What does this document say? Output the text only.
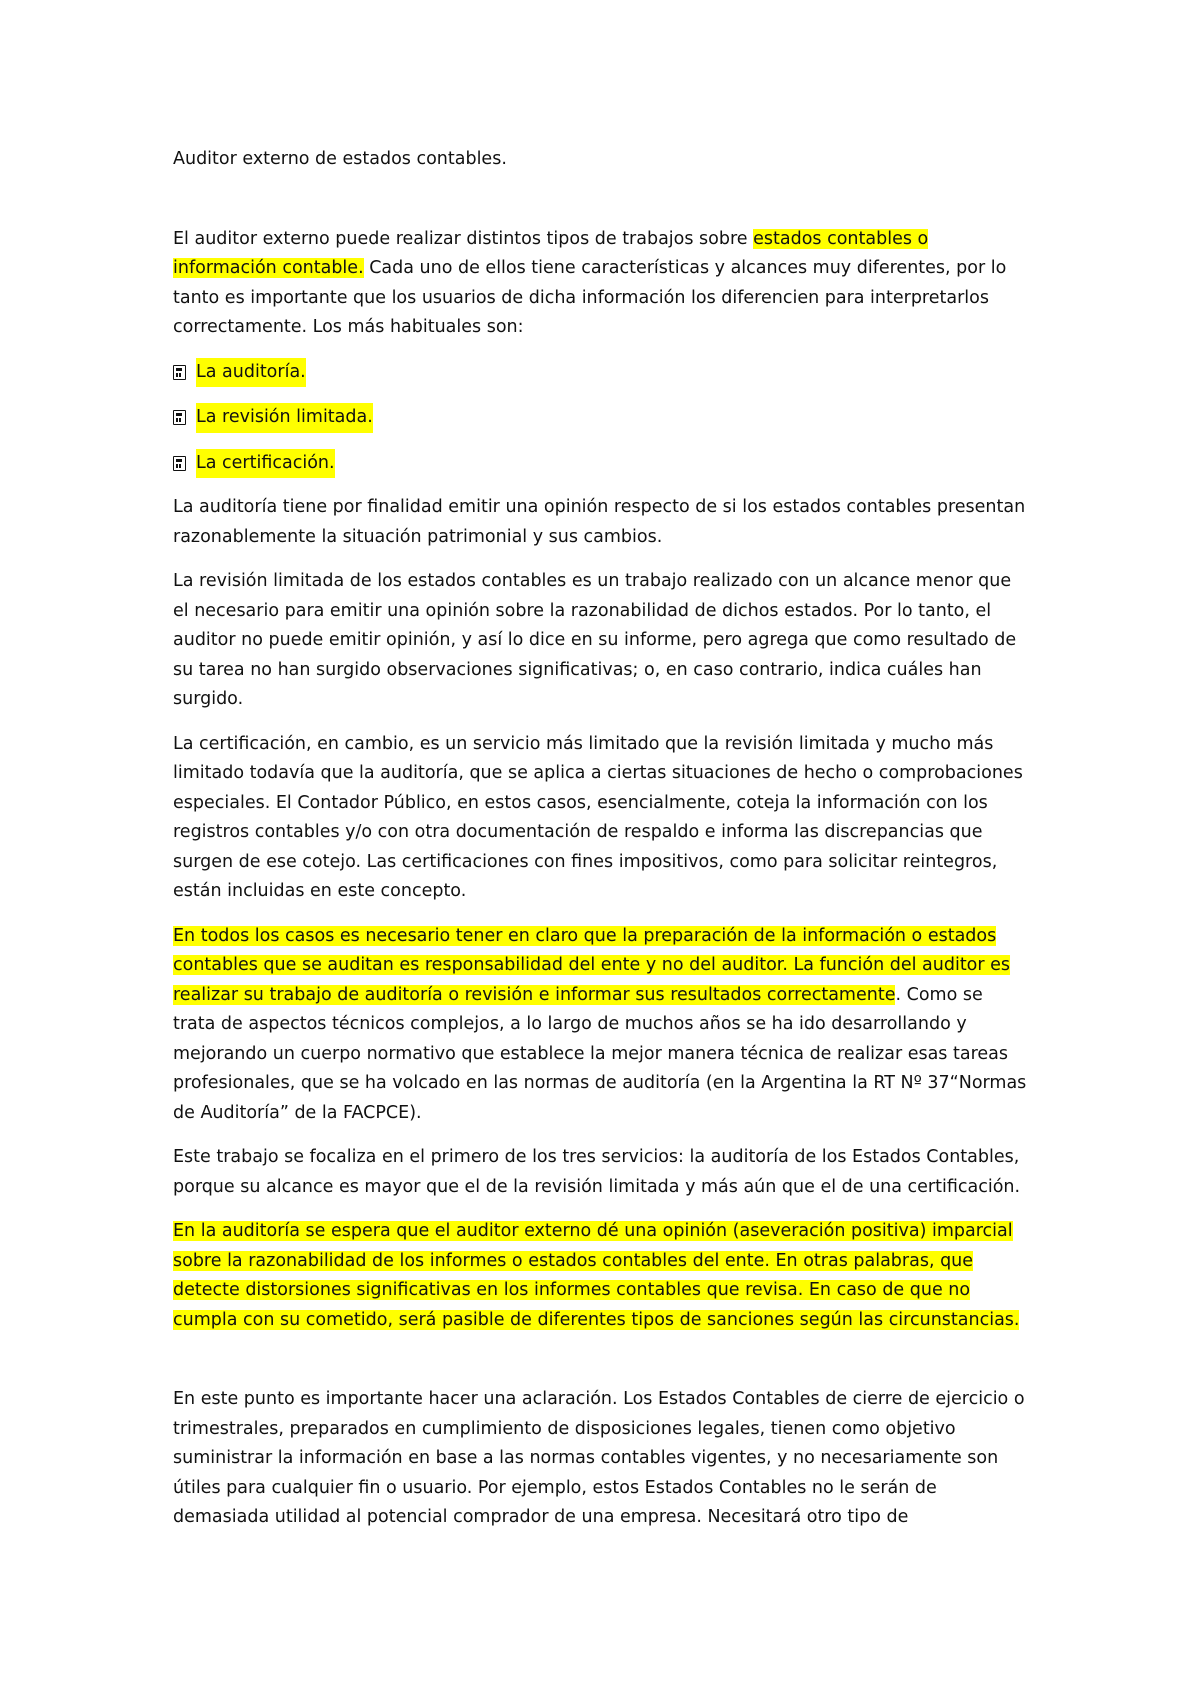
Auditor externo de estados contables.

El auditor externo puede realizar distintos tipos de trabajos sobre estados contables o información contable. Cada uno de ellos tiene características y alcances muy diferentes, por lo tanto es importante que los usuarios de dicha información los diferencien para interpretarlos correctamente. Los más habituales son:

La auditoría.
La revisión limitada.
La certificación.

La auditoría tiene por finalidad emitir una opinión respecto de si los estados contables presentan razonablemente la situación patrimonial y sus cambios.

La revisión limitada de los estados contables es un trabajo realizado con un alcance menor que el necesario para emitir una opinión sobre la razonabilidad de dichos estados. Por lo tanto, el auditor no puede emitir opinión, y así lo dice en su informe, pero agrega que como resultado de su tarea no han surgido observaciones significativas; o, en caso contrario, indica cuáles han surgido.

La certificación, en cambio, es un servicio más limitado que la revisión limitada y mucho más limitado todavía que la auditoría, que se aplica a ciertas situaciones de hecho o comprobaciones especiales. El Contador Público, en estos casos, esencialmente, coteja la información con los registros contables y/o con otra documentación de respaldo e informa las discrepancias que surgen de ese cotejo. Las certificaciones con fines impositivos, como para solicitar reintegros, están incluidas en este concepto.

En todos los casos es necesario tener en claro que la preparación de la información o estados contables que se auditan es responsabilidad del ente y no del auditor. La función del auditor es realizar su trabajo de auditoría o revisión e informar sus resultados correctamente. Como se trata de aspectos técnicos complejos, a lo largo de muchos años se ha ido desarrollando y mejorando un cuerpo normativo que establece la mejor manera técnica de realizar esas tareas profesionales, que se ha volcado en las normas de auditoría (en la Argentina la RT Nº 37“Normas de Auditoría” de la FACPCE).

Este trabajo se focaliza en el primero de los tres servicios: la auditoría de los Estados Contables, porque su alcance es mayor que el de la revisión limitada y más aún que el de una certificación.

En la auditoría se espera que el auditor externo dé una opinión (aseveración positiva) imparcial sobre la razonabilidad de los informes o estados contables del ente. En otras palabras, que detecte distorsiones significativas en los informes contables que revisa. En caso de que no cumpla con su cometido, será pasible de diferentes tipos de sanciones según las circunstancias.

En este punto es importante hacer una aclaración. Los Estados Contables de cierre de ejercicio o trimestrales, preparados en cumplimiento de disposiciones legales, tienen como objetivo suministrar la información en base a las normas contables vigentes, y no necesariamente son útiles para cualquier fin o usuario. Por ejemplo, estos Estados Contables no le serán de demasiada utilidad al potencial comprador de una empresa. Necesitará otro tipo de
